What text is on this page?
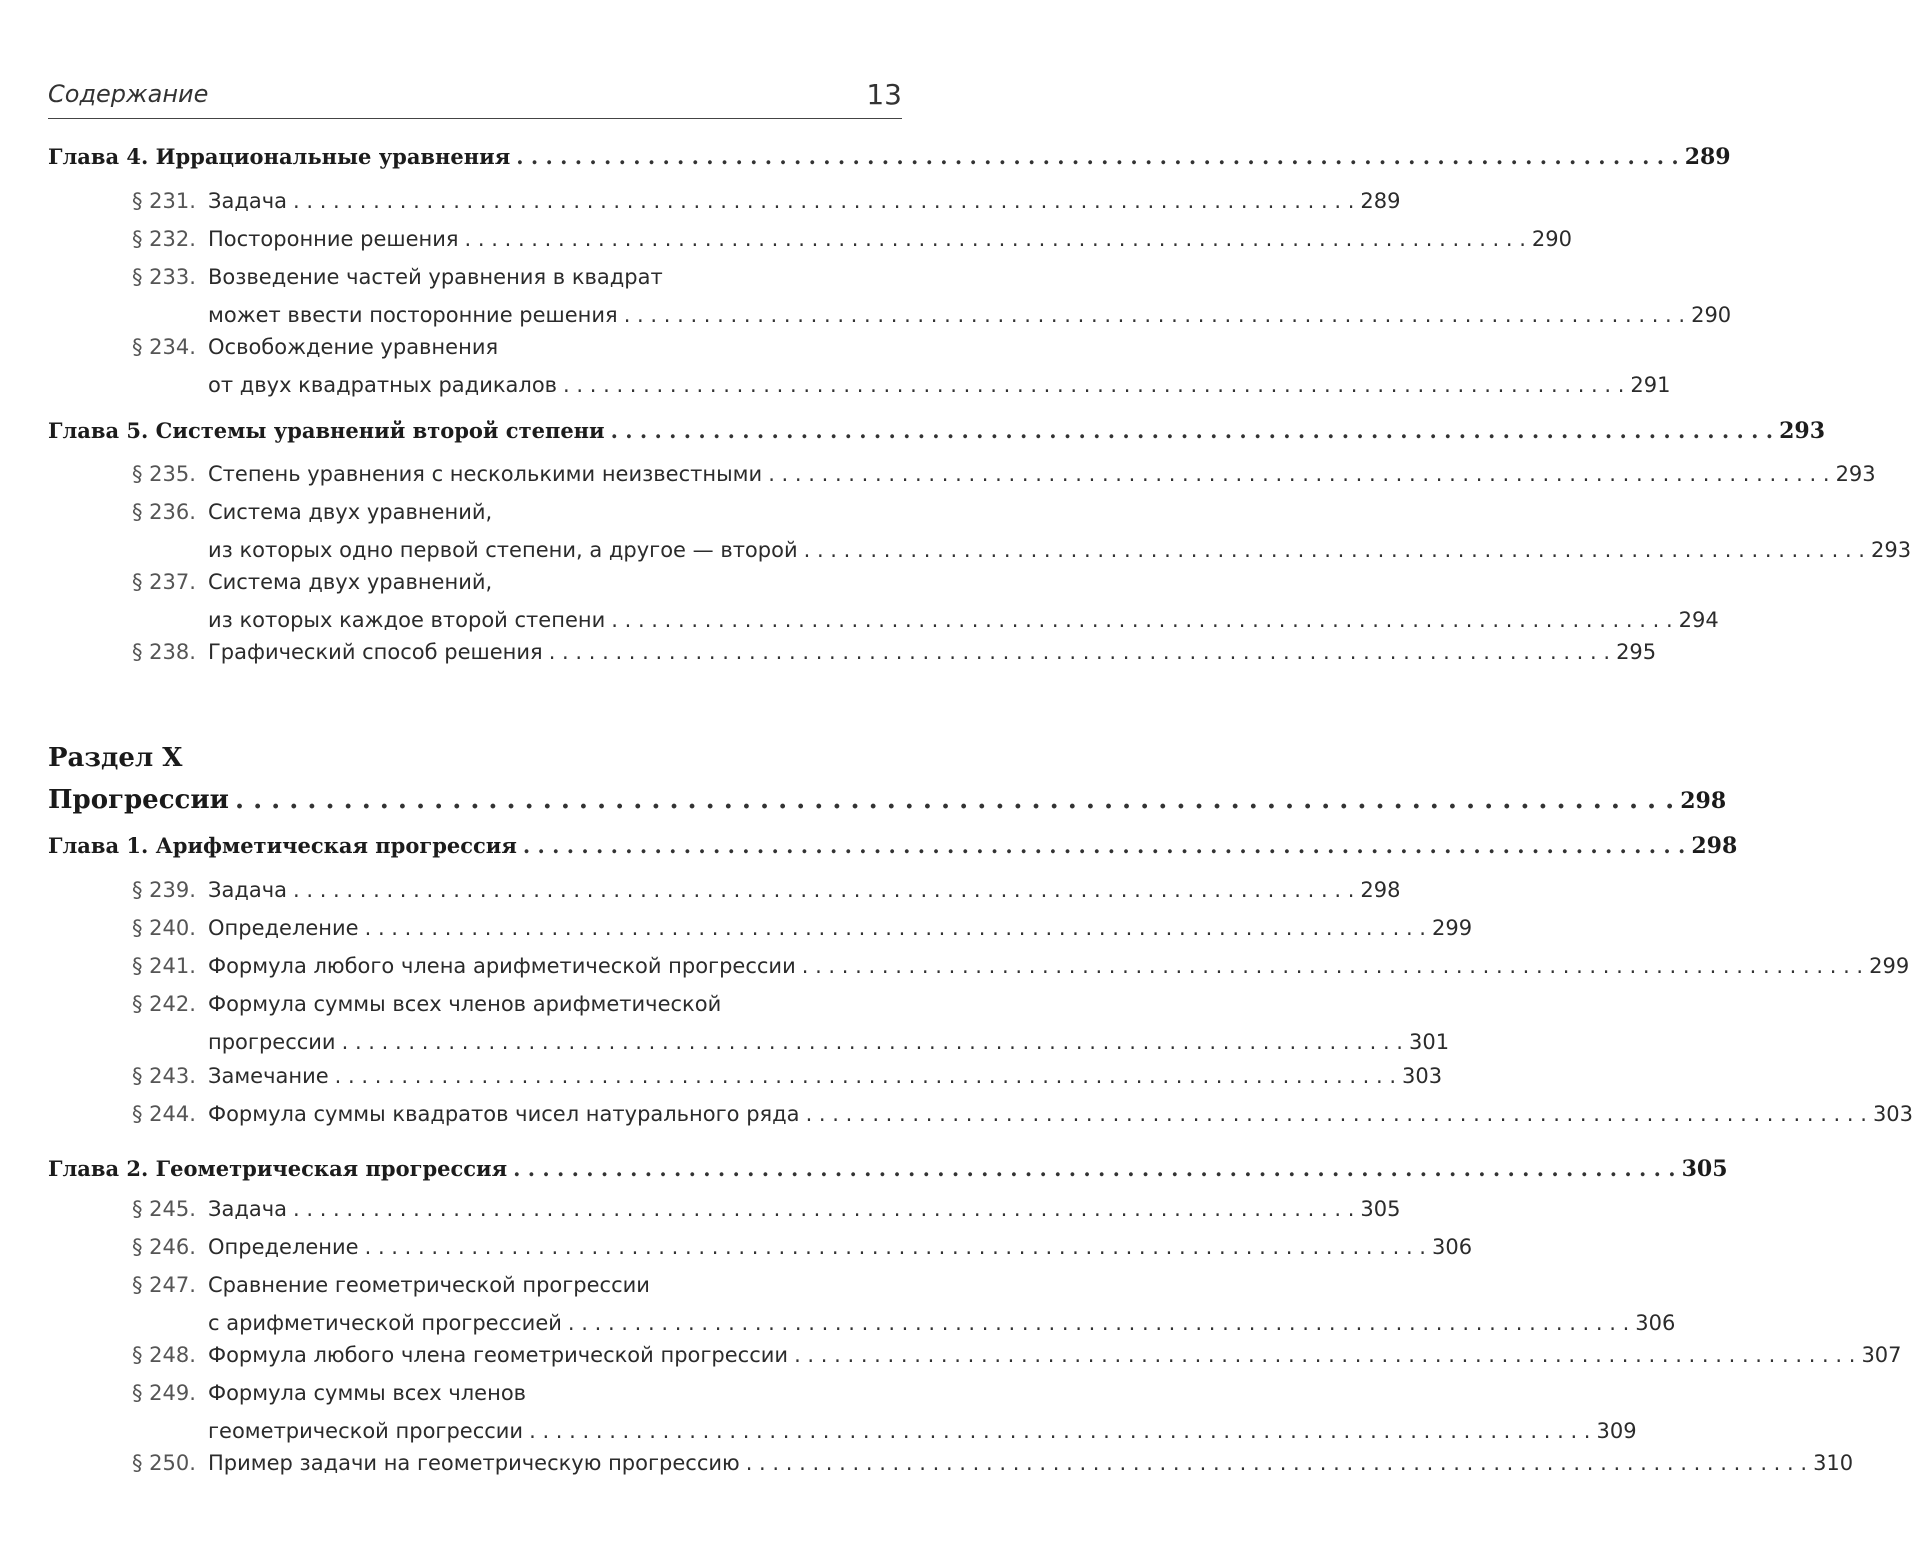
Содержание	13
Глава 4. Иррациональные уравнения . . . . . . . . . . . . . . . . . . . . . . . . . . . . . . . . . . . . . . . . . . . . . . . . . . . . . . . . . . . . . . . . . . . . . . . . . . . . . . . . 289
§ 231. Задача . . . . . . . . . . . . . . . . . . . . . . . . . . . . . . . . . . . . . . . . . . . . . . . . . . . . . . . . . . . . . . . . . . . . . . . . . . . . . . . . 289
§ 232. Посторонние решения . . . . . . . . . . . . . . . . . . . . . . . . . . . . . . . . . . . . . . . . . . . . . . . . . . . . . . . . . . . . . . . . . . . . . . . . . . . . . . . . 290
§ 233. Возведение частей уравнения в квадрат
может ввести посторонние решения . . . . . . . . . . . . . . . . . . . . . . . . . . . . . . . . . . . . . . . . . . . . . . . . . . . . . . . . . . . . . . . . . . . . . . . . . . . . . . . . 290
§ 234. Освобождение уравнения
от двух квадратных радикалов . . . . . . . . . . . . . . . . . . . . . . . . . . . . . . . . . . . . . . . . . . . . . . . . . . . . . . . . . . . . . . . . . . . . . . . . . . . . . . . . 291
Глава 5. Системы уравнений второй степени . . . . . . . . . . . . . . . . . . . . . . . . . . . . . . . . . . . . . . . . . . . . . . . . . . . . . . . . . . . . . . . . . . . . . . . . . . . . . . . . 293
§ 235. Степень уравнения с несколькими неизвестными . . . . . . . . . . . . . . . . . . . . . . . . . . . . . . . . . . . . . . . . . . . . . . . . . . . . . . . . . . . . . . . . . . . . . . . . . . . . . . . . 293
§ 236. Система двух уравнений,
из которых одно первой степени, а другое — второй . . . . . . . . . . . . . . . . . . . . . . . . . . . . . . . . . . . . . . . . . . . . . . . . . . . . . . . . . . . . . . . . . . . . . . . . . . . . . . . . 293
§ 237. Система двух уравнений,
из которых каждое второй степени . . . . . . . . . . . . . . . . . . . . . . . . . . . . . . . . . . . . . . . . . . . . . . . . . . . . . . . . . . . . . . . . . . . . . . . . . . . . . . . . 294
§ 238. Графический способ решения . . . . . . . . . . . . . . . . . . . . . . . . . . . . . . . . . . . . . . . . . . . . . . . . . . . . . . . . . . . . . . . . . . . . . . . . . . . . . . . . 295
Раздел X
Прогрессии . . . . . . . . . . . . . . . . . . . . . . . . . . . . . . . . . . . . . . . . . . . . . . . . . . . . . . . . . . . . . . . . . . . . . . . . . . . . . . . . 298
Глава 1. Арифметическая прогрессия . . . . . . . . . . . . . . . . . . . . . . . . . . . . . . . . . . . . . . . . . . . . . . . . . . . . . . . . . . . . . . . . . . . . . . . . . . . . . . . . 298
§ 239. Задача . . . . . . . . . . . . . . . . . . . . . . . . . . . . . . . . . . . . . . . . . . . . . . . . . . . . . . . . . . . . . . . . . . . . . . . . . . . . . . . . 298
§ 240. Определение . . . . . . . . . . . . . . . . . . . . . . . . . . . . . . . . . . . . . . . . . . . . . . . . . . . . . . . . . . . . . . . . . . . . . . . . . . . . . . . . 299
§ 241. Формула любого члена арифметической прогрессии . . . . . . . . . . . . . . . . . . . . . . . . . . . . . . . . . . . . . . . . . . . . . . . . . . . . . . . . . . . . . . . . . . . . . . . . . . . . . . . . 299
§ 242. Формула суммы всех членов арифметической
прогрессии . . . . . . . . . . . . . . . . . . . . . . . . . . . . . . . . . . . . . . . . . . . . . . . . . . . . . . . . . . . . . . . . . . . . . . . . . . . . . . . . 301
§ 243. Замечание . . . . . . . . . . . . . . . . . . . . . . . . . . . . . . . . . . . . . . . . . . . . . . . . . . . . . . . . . . . . . . . . . . . . . . . . . . . . . . . . 303
§ 244. Формула суммы квадратов чисел натурального ряда . . . . . . . . . . . . . . . . . . . . . . . . . . . . . . . . . . . . . . . . . . . . . . . . . . . . . . . . . . . . . . . . . . . . . . . . . . . . . . . . 303
Глава 2. Геометрическая прогрессия . . . . . . . . . . . . . . . . . . . . . . . . . . . . . . . . . . . . . . . . . . . . . . . . . . . . . . . . . . . . . . . . . . . . . . . . . . . . . . . . 305
§ 245. Задача . . . . . . . . . . . . . . . . . . . . . . . . . . . . . . . . . . . . . . . . . . . . . . . . . . . . . . . . . . . . . . . . . . . . . . . . . . . . . . . . 305
§ 246. Определение . . . . . . . . . . . . . . . . . . . . . . . . . . . . . . . . . . . . . . . . . . . . . . . . . . . . . . . . . . . . . . . . . . . . . . . . . . . . . . . . 306
§ 247. Сравнение геометрической прогрессии
с арифметической прогрессией . . . . . . . . . . . . . . . . . . . . . . . . . . . . . . . . . . . . . . . . . . . . . . . . . . . . . . . . . . . . . . . . . . . . . . . . . . . . . . . . 306
§ 248. Формула любого члена геометрической прогрессии . . . . . . . . . . . . . . . . . . . . . . . . . . . . . . . . . . . . . . . . . . . . . . . . . . . . . . . . . . . . . . . . . . . . . . . . . . . . . . . . 307
§ 249. Формула суммы всех членов
геометрической прогрессии . . . . . . . . . . . . . . . . . . . . . . . . . . . . . . . . . . . . . . . . . . . . . . . . . . . . . . . . . . . . . . . . . . . . . . . . . . . . . . . . 309
§ 250. Пример задачи на геометрическую прогрессию . . . . . . . . . . . . . . . . . . . . . . . . . . . . . . . . . . . . . . . . . . . . . . . . . . . . . . . . . . . . . . . . . . . . . . . . . . . . . . . . 310
